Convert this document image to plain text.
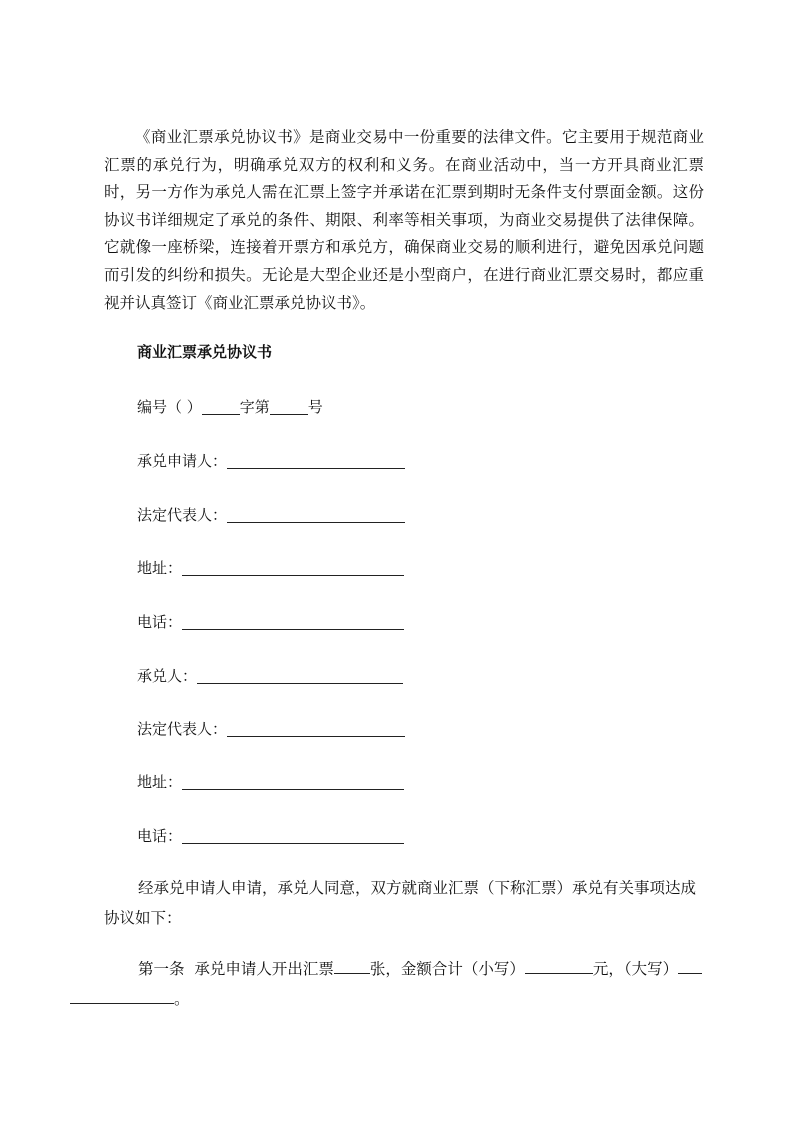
《商业汇票承兑协议书》是商业交易中一份重要的法律文件。它主要用于规范商业汇票的承兑行为，明确承兑双方的权利和义务。在商业活动中，当一方开具商业汇票时，另一方作为承兑人需在汇票上签字并承诺在汇票到期时无条件支付票面金额。这份协议书详细规定了承兑的条件、期限、利率等相关事项，为商业交易提供了法律保障。它就像一座桥梁，连接着开票方和承兑方，确保商业交易的顺利进行，避免因承兑问题而引发的纠纷和损失。无论是大型企业还是小型商户，在进行商业汇票交易时，都应重视并认真签订《商业汇票承兑协议书》。

商业汇票承兑协议书

编号（ ）	字第	号
承兑申请人：
法定代表人：
地址：
电话：
承兑人：
法定代表人：
地址：
电话：

经承兑申请人申请，承兑人同意，双方就商业汇票（下称汇票）承兑有关事项达成协议如下：

第一条 承兑申请人开出汇票 张，金额合计（小写）	元，（大写）
。
